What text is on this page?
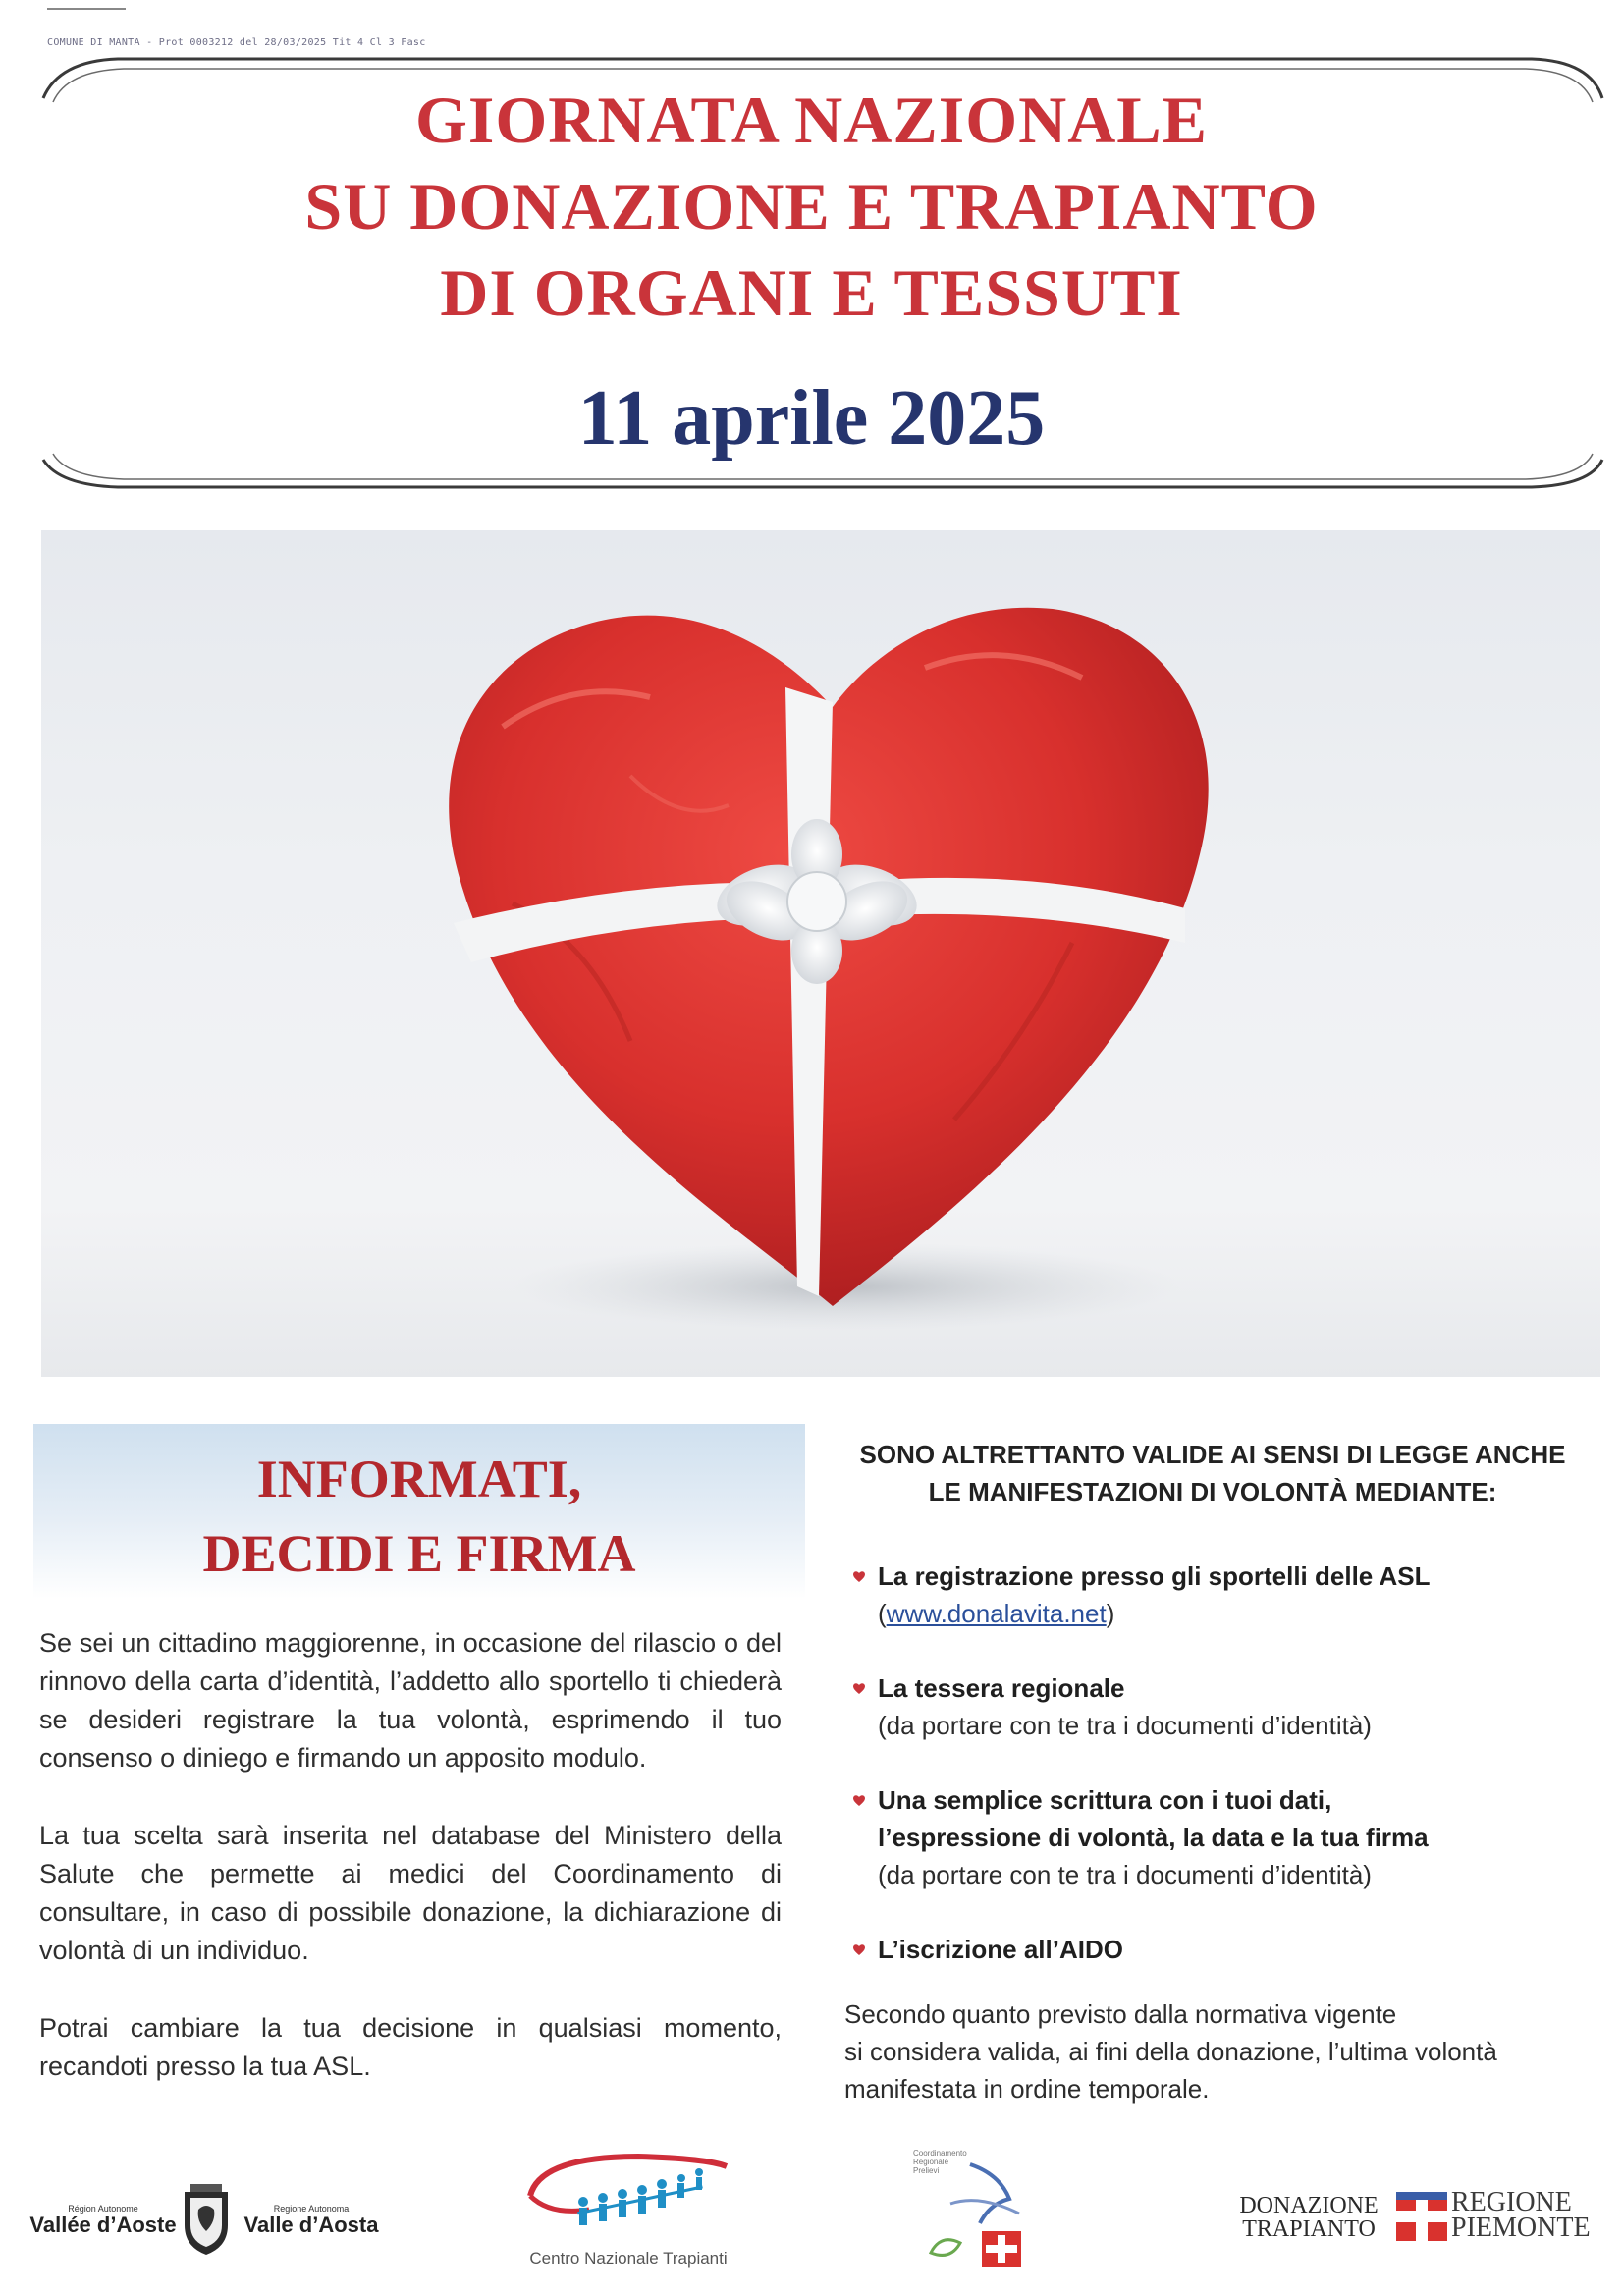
COMUNE DI MANTA - Prot 0003212 del 28/03/2025 Tit 4 Cl 3 Fasc
GIORNATA NAZIONALE
SU DONAZIONE E TRAPIANTO
DI ORGANI E TESSUTI
11 aprile 2025
INFORMATI,
DECIDI E FIRMA
Se sei un cittadino maggiorenne, in occasione del rilascio o del rinnovo della carta d’identità, l’addetto allo sportello ti chiederà se desideri registrare la tua volontà, esprimendo il tuo consenso o diniego e firmando un apposito modulo.
La tua scelta sarà inserita nel database del Ministero della Salute che permette ai medici del Coordinamento di consultare, in caso di possibile donazione, la dichiarazione di volontà di un individuo.
Potrai cambiare la tua decisione in qualsiasi momento, recandoti presso la tua ASL.
SONO ALTRETTANTO VALIDE AI SENSI DI LEGGE ANCHE
LE MANIFESTAZIONI DI VOLONTÀ MEDIANTE:
La registrazione presso gli sportelli delle ASL
(www.donalavita.net)
La tessera regionale
(da portare con te tra i documenti d’identità)
Una semplice scrittura con i tuoi dati,
l’espressione di volontà, la data e la tua firma
(da portare con te tra i documenti d’identità)
L’iscrizione all’AIDO
Secondo quanto previsto dalla normativa vigente
si considera valida, ai fini della donazione, l’ultima volontà
manifestata in ordine temporale.
Région Autonome
Vallée d’Aoste
Regione Autonoma
Valle d’Aosta
Centro Nazionale Trapianti
Coordinamento
Regionale
Prelievi
DONAZIONE
TRAPIANTO
REGIONE
PIEMONTE
